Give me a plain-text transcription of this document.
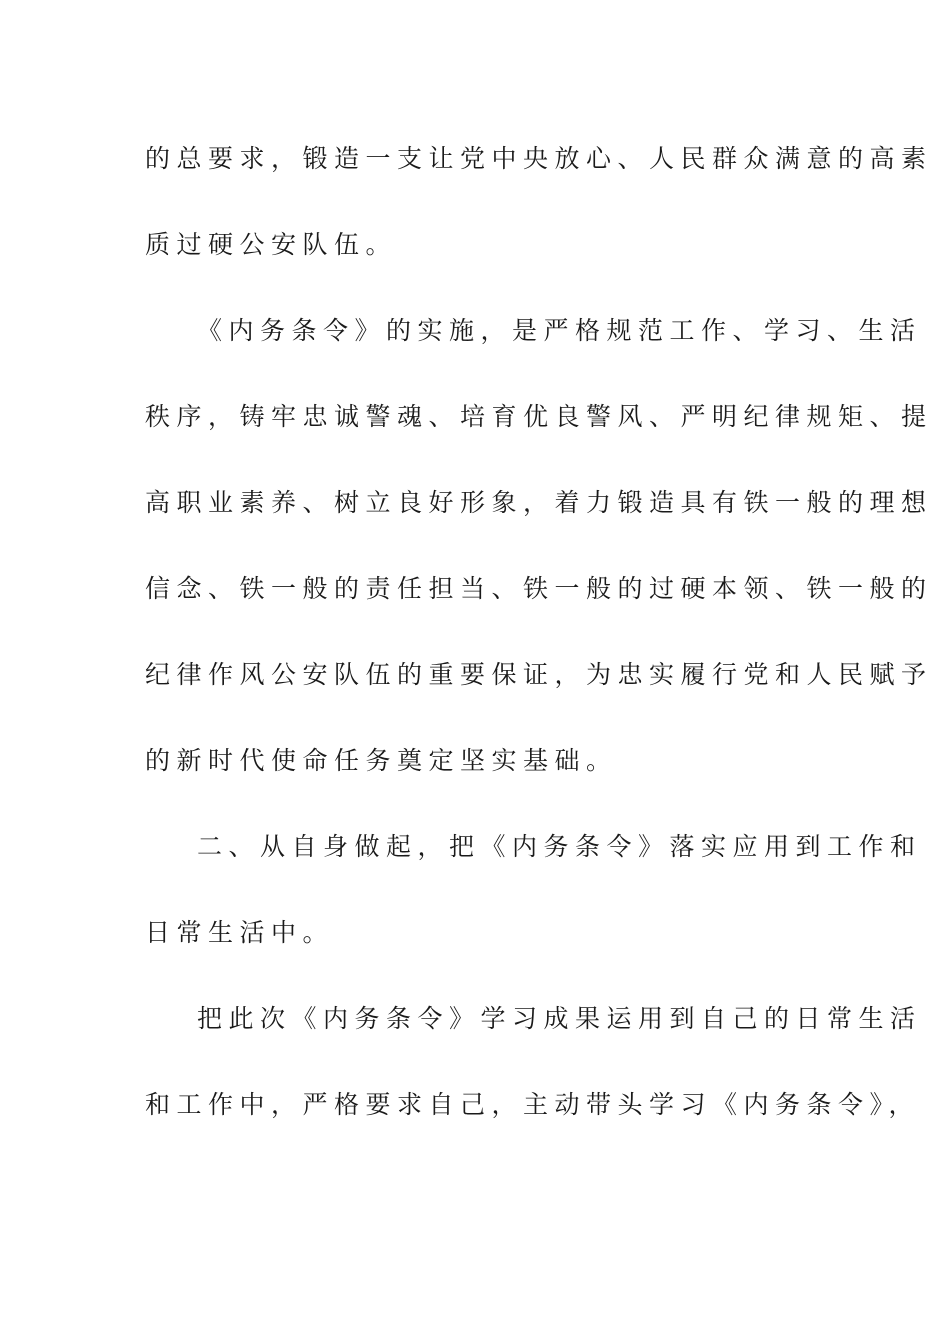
的总要求，锻造一支让党中央放心、人民群众满意的高素
质过硬公安队伍。
《内务条令》的实施，是严格规范工作、学习、生活
秩序，铸牢忠诚警魂、培育优良警风、严明纪律规矩、提
高职业素养、树立良好形象，着力锻造具有铁一般的理想
信念、铁一般的责任担当、铁一般的过硬本领、铁一般的
纪律作风公安队伍的重要保证，为忠实履行党和人民赋予
的新时代使命任务奠定坚实基础。
二、从自身做起，把《内务条令》落实应用到工作和
日常生活中。
把此次《内务条令》学习成果运用到自己的日常生活
和工作中，严格要求自己，主动带头学习《内务条令》，
